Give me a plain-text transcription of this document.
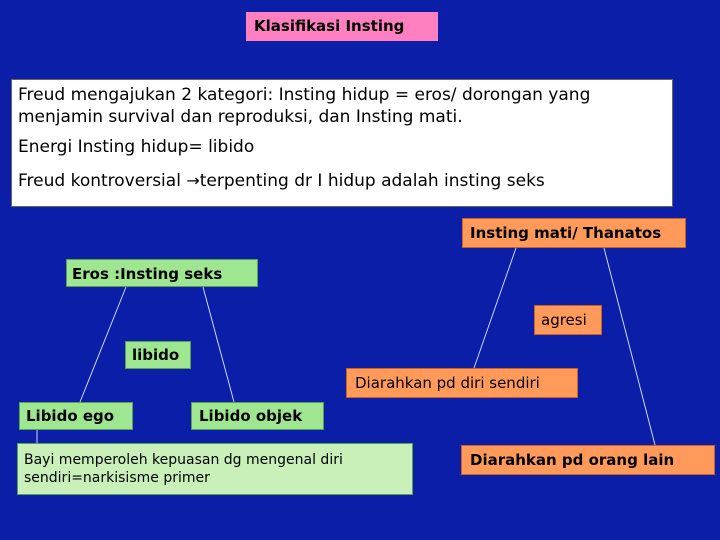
Klasifikasi Insting

Freud mengajukan 2 kategori: Insting hidup = eros/ dorongan yang menjamin survival dan reproduksi, dan Insting mati.

Energi Insting hidup= libido

Freud kontroversial →terpenting dr I hidup adalah insting seks

Insting mati/ Thanatos
Eros :Insting seks
agresi
libido
Diarahkan pd diri sendiri
Libido ego	Libido objek
Bayi memperoleh kepuasan dg mengenal diri sendiri=narkisisme primer
Diarahkan pd orang lain
